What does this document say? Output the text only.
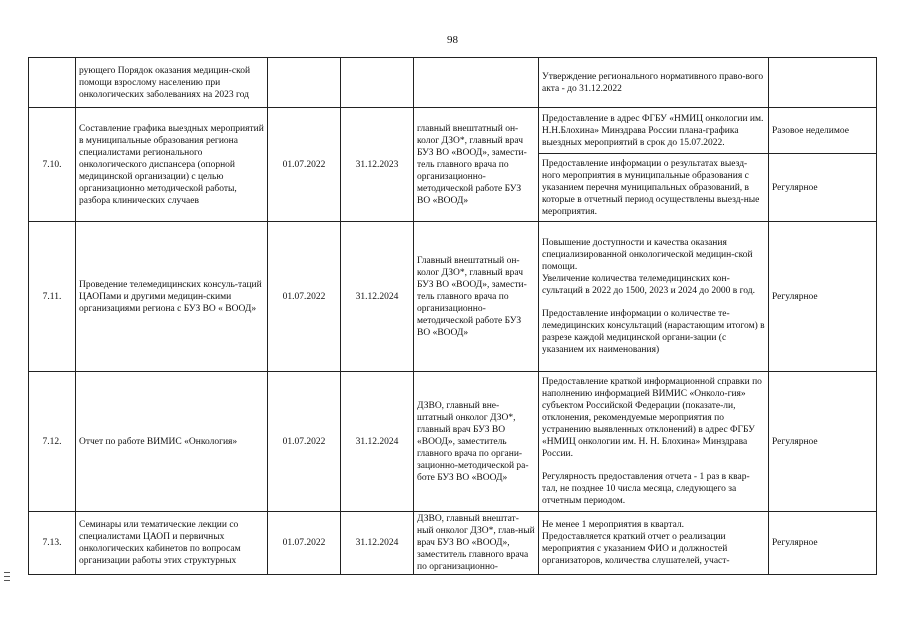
98
	рующего Порядок оказания медицин-ской помощи взрослому населению при онкологических заболеваниях на 2023 год				Утверждение регионального нормативного право-вого акта - до 31.12.2022	
7.10.	Составление графика выездных мероприятий в муниципальные образования региона специалистами регионального онкологического диспансера (опорной медицинской организации) с целью организационно методической работы, разбора клинических случаев	01.07.2022	31.12.2023	главный внештатный он-колог ДЗО*, главный врач БУЗ ВО «ВООД», замести-тель главного врача по организационно-методической работе БУЗ ВО «ВООД»	Предоставление в адрес ФГБУ «НМИЦ онкологии им. Н.Н.Блохина» Минздрава России плана-графика выездных мероприятий в срок до 15.07.2022.	Разовое неделимое
					Предоставление информации о результатах выезд-ного мероприятия в муниципальные образования с указанием перечня муниципальных образований, в которые в отчетный период осуществлены выезд-ные мероприятия.	Регулярное
7.11.	Проведение телемедицинских консуль-таций ЦАОПами и другими медицин-скими организациями региона с БУЗ ВО « ВООД»	01.07.2022	31.12.2024	Главный внештатный он-колог ДЗО*, главный врач БУЗ ВО «ВООД», замести-тель главного врача по организационно-методической работе БУЗ ВО «ВООД»	Повышение доступности и качества оказания специализированной онкологической медицин-ской помощи.
Увеличение количества телемедицинских кон-сультаций в 2022 до 1500, 2023 и 2024 до 2000 в год.
Предоставление информации о количестве те-лемедицинских консультаций (нарастающим итогом) в разрезе каждой медицинской органи-зации (с указанием их наименования)	Регулярное
7.12.	Отчет по работе ВИМИС «Онкология»	01.07.2022	31.12.2024	ДЗВО, главный вне-штатный онколог ДЗО*, главный врач БУЗ ВО «ВООД», заместитель главного врача по органи-зационно-методической ра-боте БУЗ ВО «ВООД»	Предоставление краткой информационной справки по наполнению информацией ВИМИС «Онколо-гия» субъектом Российской Федерации (показате-ли, отклонения, рекомендуемые мероприятия по устранению выявленных отклонений) в адрес ФГБУ «НМИЦ онкологии им. Н. Н. Блохина» Минздрава России.
Регулярность предоставления отчета - 1 раз в квар-тал, не позднее 10 числа месяца, следующего за отчетным периодом.	Регулярное
7.13.	Семинары или тематические лекции со специалистами ЦАОП и первичных онкологических кабинетов по вопросам организации работы этих структурных	01.07.2022	31.12.2024	ДЗВО, главный внештат-ный онколог ДЗО*, глав-ный врач БУЗ ВО «ВООД», заместитель главного врача по организационно-	Не менее 1 мероприятия в квартал.
Предоставляется краткий отчет о реализации мероприятия с указанием ФИО и должностей организаторов, количества слушателей, участ-	Регулярное
